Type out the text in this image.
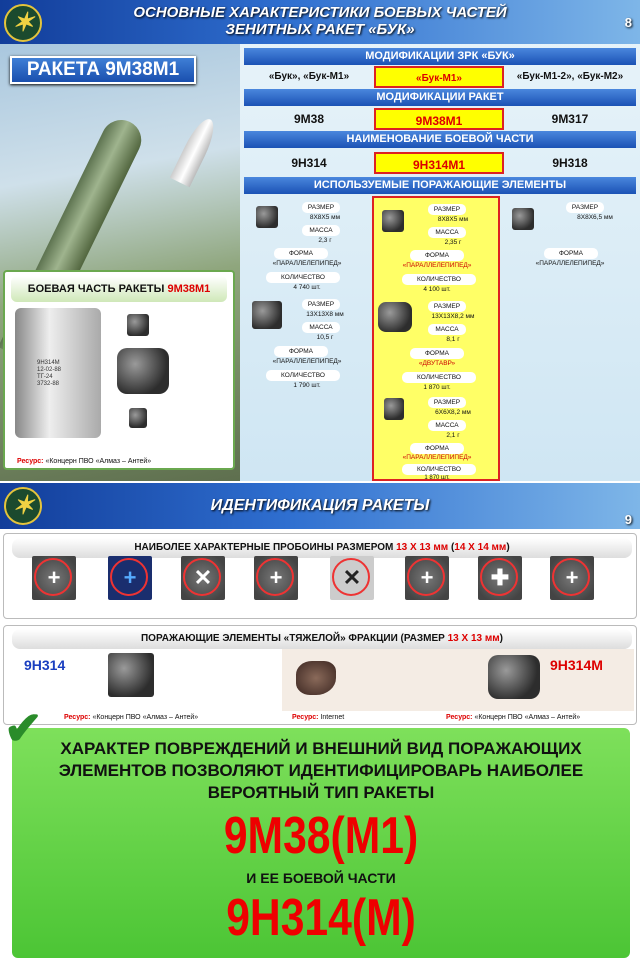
✶	ОСНОВНЫЕ ХАРАКТЕРИСТИКИ БОЕВЫХ ЧАСТЕЙ
ЗЕНИТНЫХ РАКЕТ «БУК»	8
РАКЕТА 9М38М1
БОЕВАЯ ЧАСТЬ РАКЕТЫ 9М38М1
9Н314М
12-02-88
ТГ-24
3732-88
Ресурс: «Концерн ПВО «Алмаз – Антей»
МОДИФИКАЦИИ ЗРК «БУК»
«Бук», «Бук-М1»	«Бук-М1»	«Бук-М1-2», «Бук-М2»
МОДИФИКАЦИИ РАКЕТ
9М38	9М38М1	9М317
НАИМЕНОВАНИЕ БОЕВОЙ ЧАСТИ
9Н314	9Н314М1	9Н318
ИСПОЛЬЗУЕМЫЕ ПОРАЖАЮЩИЕ ЭЛЕМЕНТЫ
РАЗМЕР
8Х8Х5 мм
МАССА
2,3 г
ФОРМА
«ПАРАЛЛЕЛЕПИПЕД»
КОЛИЧЕСТВО
4 740 шт.
РАЗМЕР
13Х13Х8 мм
МАССА
10,5 г
ФОРМА
«ПАРАЛЛЕЛЕПИПЕД»
КОЛИЧЕСТВО
1 790 шт.
РАЗМЕР
8Х8Х5 мм
МАССА
2,35 г
ФОРМА
«ПАРАЛЛЕЛЕПИПЕД»
КОЛИЧЕСТВО
4 100 шт.
РАЗМЕР
13Х13Х8,2 мм
МАССА
8,1 г
ФОРМА
«ДВУТАВР»
КОЛИЧЕСТВО
1 870 шт.
РАЗМЕР
6Х6Х8,2 мм
МАССА
2,1 г
ФОРМА
«ПАРАЛЛЕЛЕПИПЕД»
КОЛИЧЕСТВО
1 870 шт.
РАЗМЕР
8Х8Х6,5 мм
ФОРМА
«ПАРАЛЛЕЛЕПИПЕД»
✶	ИДЕНТИФИКАЦИЯ РАКЕТЫ
9
НАИБОЛЕЕ ХАРАКТЕРНЫЕ ПРОБОИНЫ РАЗМЕРОМ 13 Х 13 мм (14 Х 14 мм)
+	+	✕	+	✕	+	✚	+
ПОРАЖАЮЩИЕ ЭЛЕМЕНТЫ «ТЯЖЕЛОЙ» ФРАКЦИИ (РАЗМЕР 13 Х 13 мм)
9Н314
Ресурс: «Концерн ПВО «Алмаз – Антей»
9Н314М
Ресурс: Internet	Ресурс: «Концерн ПВО «Алмаз – Антей»
ХАРАКТЕР ПОВРЕЖДЕНИЙ И ВНЕШНИЙ ВИД ПОРАЖАЮЩИХ
ЭЛЕМЕНТОВ ПОЗВОЛЯЮТ ИДЕНТИФИЦИРОВАРЬ НАИБОЛЕЕ
ВЕРОЯТНЫЙ ТИП РАКЕТЫ
9М38(М1)
И ЕЕ БОЕВОЙ ЧАСТИ
9Н314(М)
✔
